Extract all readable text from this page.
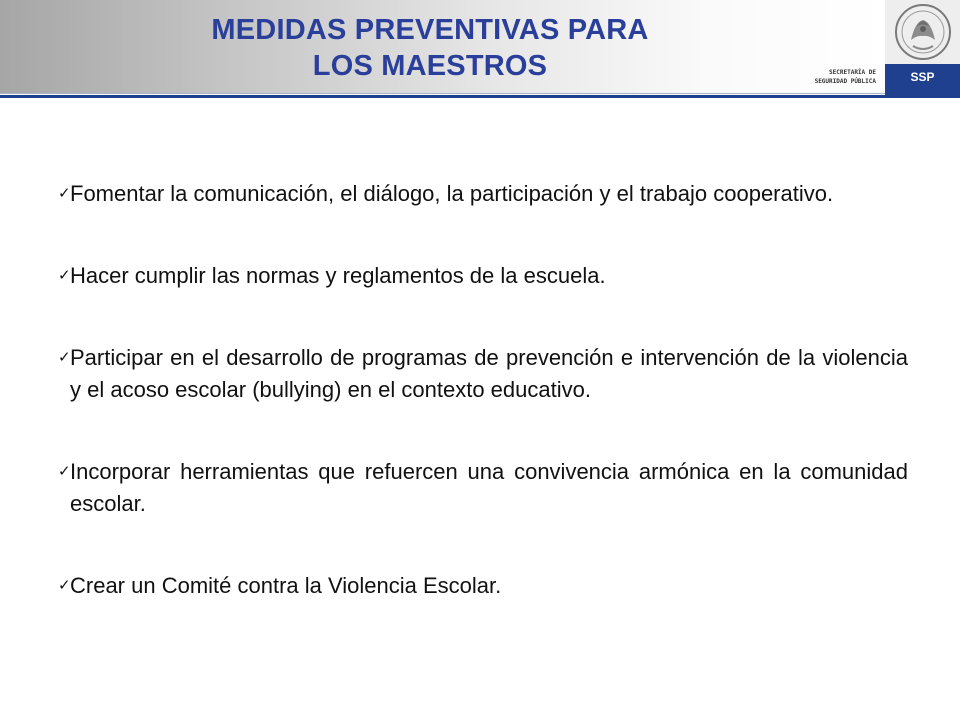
MEDIDAS PREVENTIVAS PARA
LOS MAESTROS	SECRETARÍA DE
SEGURIDAD PÚBLICA	SSP
✓ Fomentar la comunicación, el diálogo, la participación y el trabajo cooperativo.
✓ Hacer cumplir las normas y reglamentos de la escuela.
✓ Participar en el desarrollo de programas de prevención e intervención de la violencia y el acoso escolar (bullying) en el contexto educativo.
✓ Incorporar herramientas que refuercen una convivencia armónica en la comunidad escolar.
✓ Crear un Comité contra la Violencia Escolar.
